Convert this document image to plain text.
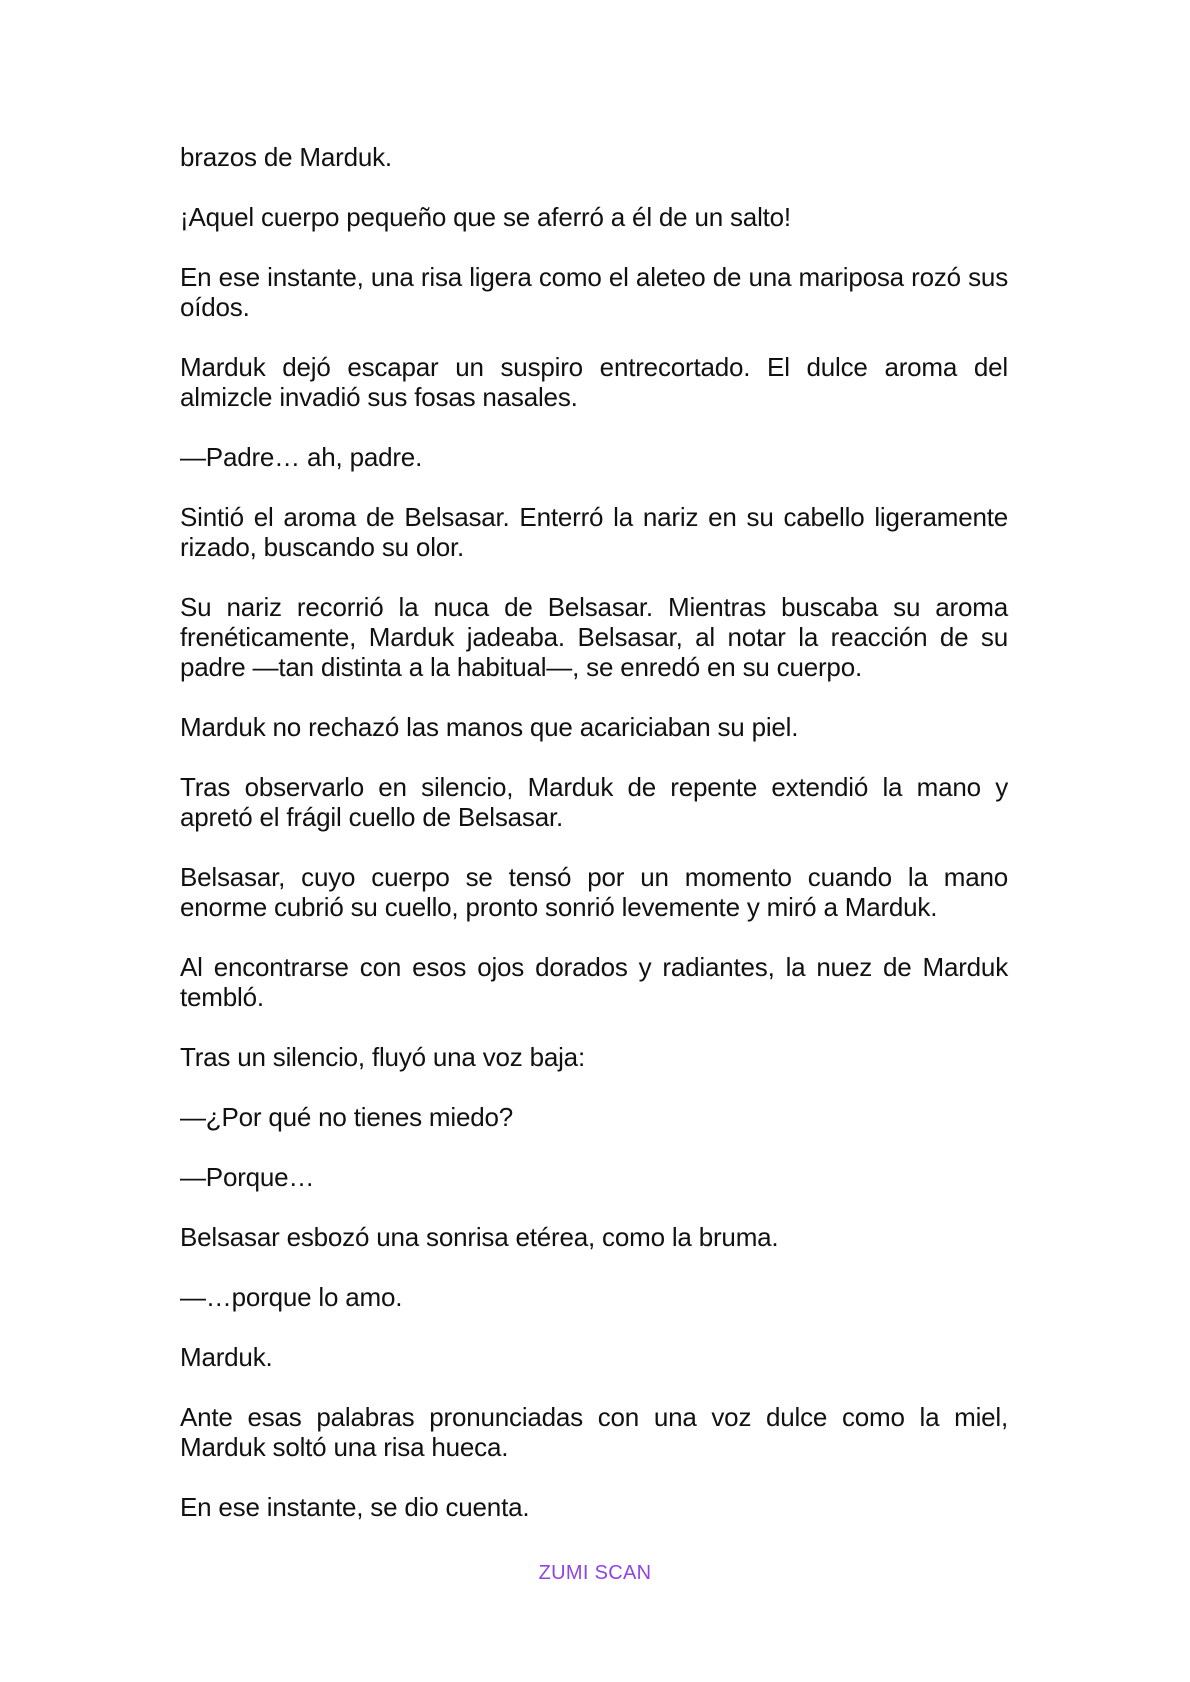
brazos de Marduk.

¡Aquel cuerpo pequeño que se aferró a él de un salto!

En ese instante, una risa ligera como el aleteo de una mariposa rozó sus oídos.

Marduk dejó escapar un suspiro entrecortado. El dulce aroma del almizcle invadió sus fosas nasales.

—Padre… ah, padre.

Sintió el aroma de Belsasar. Enterró la nariz en su cabello ligeramente rizado, buscando su olor.

Su nariz recorrió la nuca de Belsasar. Mientras buscaba su aroma frenéticamente, Marduk jadeaba. Belsasar, al notar la reacción de su padre —tan distinta a la habitual—, se enredó en su cuerpo.

Marduk no rechazó las manos que acariciaban su piel.

Tras observarlo en silencio, Marduk de repente extendió la mano y apretó el frágil cuello de Belsasar.

Belsasar, cuyo cuerpo se tensó por un momento cuando la mano enorme cubrió su cuello, pronto sonrió levemente y miró a Marduk.

Al encontrarse con esos ojos dorados y radiantes, la nuez de Marduk tembló.

Tras un silencio, fluyó una voz baja:

—¿Por qué no tienes miedo?

—Porque…

Belsasar esbozó una sonrisa etérea, como la bruma.

—…porque lo amo.

Marduk.

Ante esas palabras pronunciadas con una voz dulce como la miel, Marduk soltó una risa hueca.

En ese instante, se dio cuenta.

ZUMI SCAN
